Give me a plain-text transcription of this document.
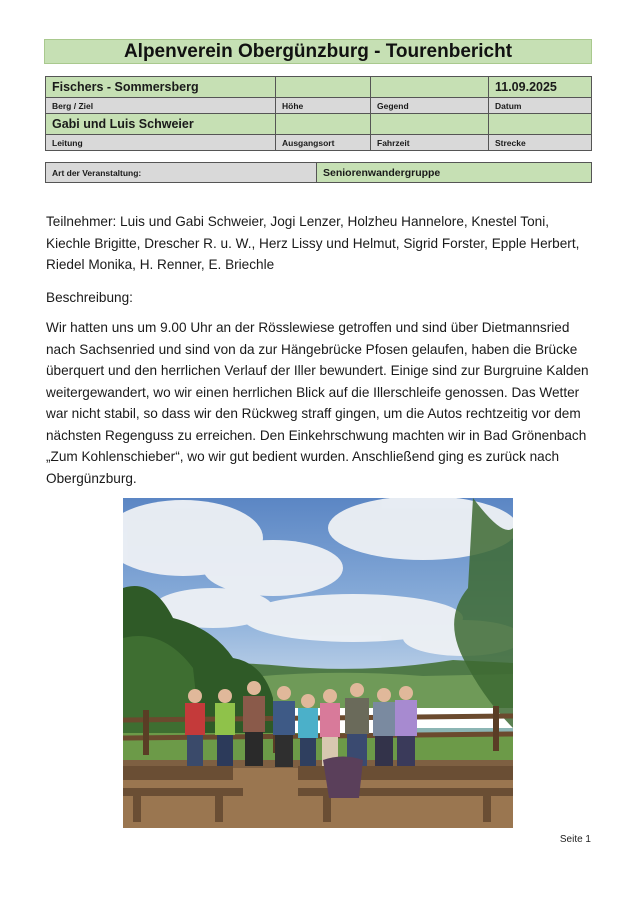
Alpenverein Obergünzburg - Tourenbericht
Fischers - Sommersberg			11.09.2025
Berg / Ziel	Höhe	Gegend	Datum
Gabi und Luis Schweier			
Leitung	Ausgangsort	Fahrzeit	Strecke
Art der Veranstaltung:	Seniorenwandergruppe

Teilnehmer: Luis und Gabi Schweier, Jogi Lenzer, Holzheu Hannelore, Knestel Toni, Kiechle Brigitte, Drescher R. u. W., Herz Lissy und Helmut, Sigrid Forster, Epple Herbert, Riedel Monika, H. Renner, E. Briechle

Beschreibung:

Wir hatten uns um 9.00 Uhr an der Rösslewiese getroffen und sind über Dietmannsried nach Sachsenried und sind von da zur Hängebrücke Pfosen gelaufen, haben die Brücke überquert und den herrlichen Verlauf der Iller bewundert. Einige sind zur Burgruine Kalden weitergewandert, wo wir einen herrlichen Blick auf die Illerschleife genossen. Das Wetter war nicht stabil, so dass wir den Rückweg straff gingen, um die Autos rechtzeitig vor dem nächsten Regenguss zu erreichen. Den Einkehrschwung machten wir in Bad Grönenbach „Zum Kohlenschieber“, wo wir gut bedient wurden. Anschließend ging es zurück nach Obergünzburg.

Seite 1
